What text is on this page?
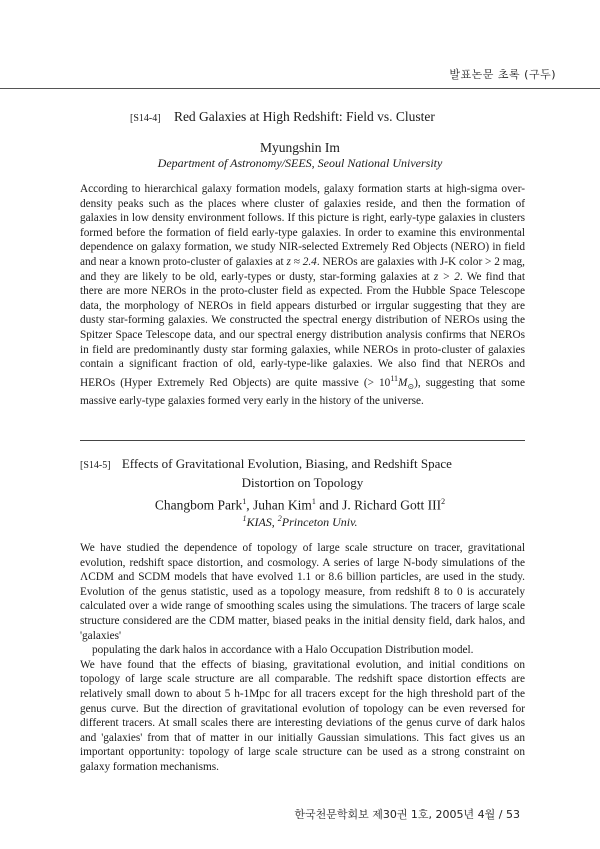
발표논문 초록 (구두)
[S14-4] Red Galaxies at High Redshift: Field vs. Cluster
Myungshin Im
Department of Astronomy/SEES, Seoul National University

According to hierarchical galaxy formation models, galaxy formation starts at high-sigma over-density peaks such as the places where cluster of galaxies reside, and then the formation of galaxies in low density environment follows. If this picture is right, early-type galaxies in clusters formed before the formation of field early-type galaxies. In order to examine this environmental dependence on galaxy formation, we study NIR-selected Extremely Red Objects (NERO) in field and near a known proto-cluster of galaxies at z ≈ 2.4. NEROs are galaxies with J-K color > 2 mag, and they are likely to be old, early-types or dusty, star-forming galaxies at z > 2. We find that there are more NEROs in the proto-cluster field as expected. From the Hubble Space Telescope data, the morphology of NEROs in field appears disturbed or irrgular suggesting that they are dusty star-forming galaxies. We constructed the spectral energy distribution of NEROs using the Spitzer Space Telescope data, and our spectral energy distribution analysis confirms that NEROs in field are predominantly dusty star forming galaxies, while NEROs in proto-cluster of galaxies contain a significant fraction of old, early-type-like galaxies. We also find that NEROs and HEROs (Hyper Extremely Red Objects) are quite massive (> $10^{11}M_⊙$), suggesting that some massive early-type galaxies formed very early in the history of the universe.

[S14-5] Effects of Gravitational Evolution, Biasing, and Redshift Space
Distortion on Topology
Changbom Park$^1$, Juhan Kim$^1$ and J. Richard Gott III$^2$
$^1$KIAS, $^2$Princeton Univ.

We have studied the dependence of topology of large scale structure on tracer, gravitational evolution, redshift space distortion, and cosmology. A series of large N-body simulations of the ΛCDM and SCDM models that have evolved 1.1 or 8.6 billion particles, are used in the study. Evolution of the genus statistic, used as a topology measure, from redshift 8 to 0 is accurately calculated over a wide range of smoothing scales using the simulations. The tracers of large scale structure considered are the CDM matter, biased peaks in the initial density field, dark halos, and 'galaxies'
populating the dark halos in accordance with a Halo Occupation Distribution model.
We have found that the effects of biasing, gravitational evolution, and initial conditions on topology of large scale structure are all comparable. The redshift space distortion effects are relatively small down to about 5 h-1Mpc for all tracers except for the high threshold part of the genus curve. But the direction of gravitational evolution of topology can be even reversed for different tracers. At small scales there are interesting deviations of the genus curve of dark halos and 'galaxies' from that of matter in our initially Gaussian simulations. This fact gives us an important opportunity: topology of large scale structure can be used as a strong constraint on galaxy formation mechanisms.

한국천문학회보 제30권 1호, 2005년 4월 / 53
